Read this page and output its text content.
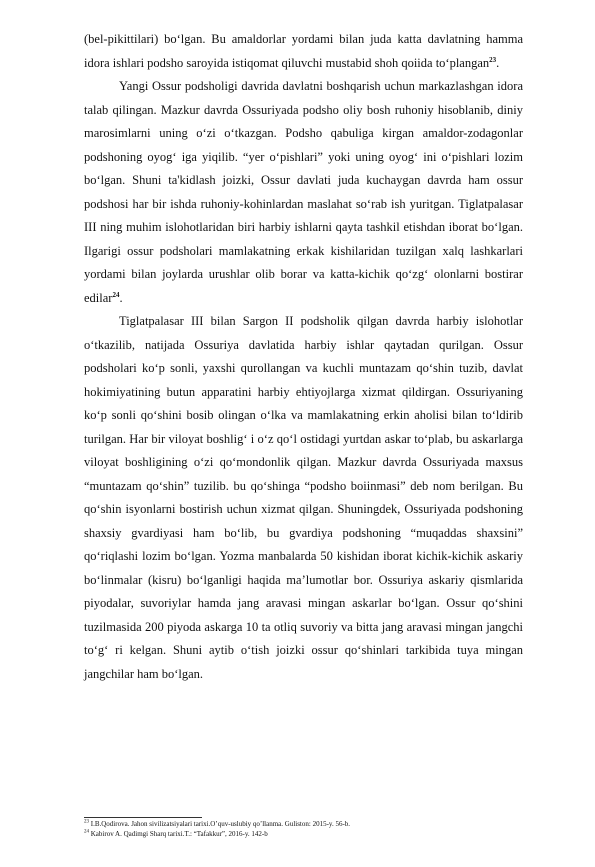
(bel-pikittilari) bo‘lgan. Bu amaldorlar yordami bilan juda katta davlatning hamma idora ishlari podsho saroyida istiqomat qiluvchi mustabid shoh qoiida to‘plangan$^{23}$.

Yangi Ossur podsholigi davrida davlatni boshqarish uchun markazlashgan idora talab qilingan. Mazkur davrda Ossuriyada podsho oliy bosh ruhoniy hisoblanib, diniy marosimlarni uning o‘zi o‘tkazgan. Podsho qabuliga kirgan amaldor-zodagonlar podshoning oyog‘ iga yiqilib. “yer o‘pishlari” yoki uning oyog‘ ini o‘pishlari lozim bo‘lgan. Shuni ta'kidlash joizki, Ossur davlati juda kuchaygan davrda ham ossur podshosi har bir ishda ruhoniy-kohinlardan maslahat so‘rab ish yuritgan. Tiglatpalasar III ning muhim islohotlaridan biri harbiy ishlarni qayta tashkil etishdan iborat bo‘lgan. Ilgarigi ossur podsholari mamlakatning erkak kishilaridan tuzilgan xalq lashkarlari yordami bilan joylarda urushlar olib borar va katta-kichik qo‘zg‘ olonlarni bostirar edilar$^{24}$.

Tiglatpalasar III bilan Sargon II podsholik qilgan davrda harbiy islohotlar o‘tkazilib, natijada Ossuriya davlatida harbiy ishlar qaytadan qurilgan. Ossur podsholari ko‘p sonli, yaxshi qurollangan va kuchli muntazam qo‘shin tuzib, davlat hokimiyatining butun apparatini harbiy ehtiyojlarga xizmat qildirgan. Ossuriyaning ko‘p sonli qo‘shini bosib olingan o‘lka va mamlakatning erkin aholisi bilan to‘ldirib turilgan. Har bir viloyat boshlig‘ i o‘z qo‘l ostidagi yurtdan askar to‘plab, bu askarlarga viloyat boshligining o‘zi qo‘mondonlik qilgan. Mazkur davrda Ossuriyada maxsus “muntazam qo‘shin” tuzilib. bu qo‘shinga “podsho boiinmasi” deb nom berilgan. Bu qo‘shin isyonlarni bostirish uchun xizmat qilgan. Shuningdek, Ossuriyada podshoning shaxsiy gvardiyasi ham bo‘lib, bu gvardiya podshoning “muqaddas shaxsini” qo‘riqlashi lozim bo‘lgan. Yozma manbalarda 50 kishidan iborat kichik-kichik askariy bo‘linmalar (kisru) bo‘lganligi haqida ma’lumotlar bor. Ossuriya askariy qismlarida piyodalar, suvoriylar hamda jang aravasi mingan askarlar bo‘lgan. Ossur qo‘shini tuzilmasida 200 piyoda askarga 10 ta otliq suvoriy va bitta jang aravasi mingan jangchi to‘g‘ ri kelgan. Shuni aytib o‘tish joizki ossur qo‘shinlari tarkibida tuya mingan jangchilar ham bo‘lgan.

$^{23}$ I.B.Qodirova. Jahon sivilizatsiyalari tarixi.O’quv-uslubiy qo’llanma. Guliston: 2015-y. 56-b.
$^{24}$ Kabirov A. Qadimgi Sharq tarixi.T.: “Tafakkur”, 2016-y. 142-b
